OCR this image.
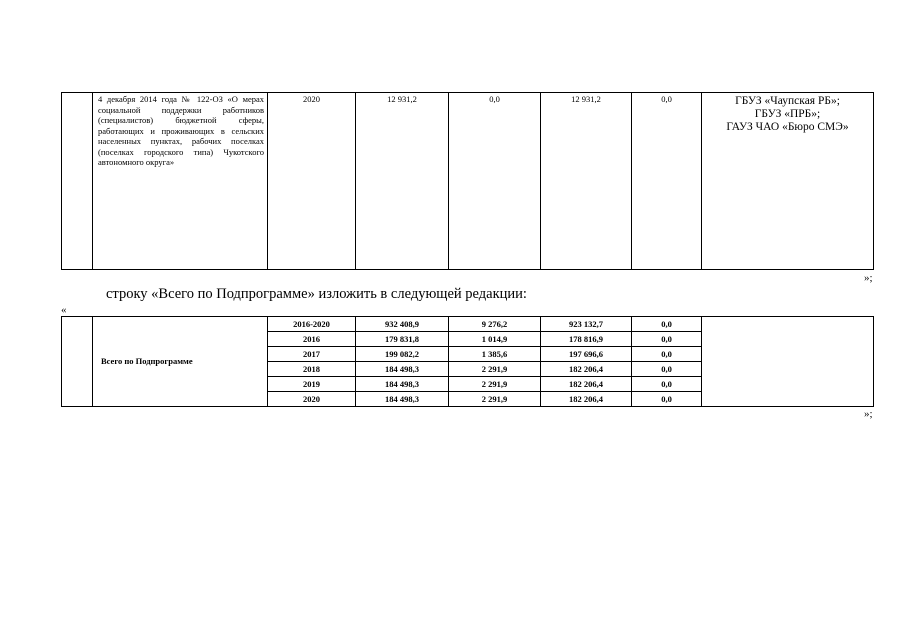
	4 декабря 2014 года № 122-ОЗ «О мерах социальной поддержки работников (специалистов) бюджетной сферы, работающих и проживающих в сельских населенных пунктах, рабочих поселках (поселках городского типа) Чукотского автономного округа»	2020	12 931,2	0,0	12 931,2	0,0	ГБУЗ «Чаупская РБ»;
ГБУЗ «ПРБ»;
ГАУЗ ЧАО «Бюро СМЭ»
»;
строку «Всего по Подпрограмме» изложить в следующей редакции:
«
	Всего по Подпрограмме	2016-2020	932 408,9	9 276,2	923 132,7	0,0	
		2016	179 831,8	1 014,9	178 816,9	0,0	
		2017	199 082,2	1 385,6	197 696,6	0,0	
		2018	184 498,3	2 291,9	182 206,4	0,0	
		2019	184 498,3	2 291,9	182 206,4	0,0	
		2020	184 498,3	2 291,9	182 206,4	0,0	
»;
